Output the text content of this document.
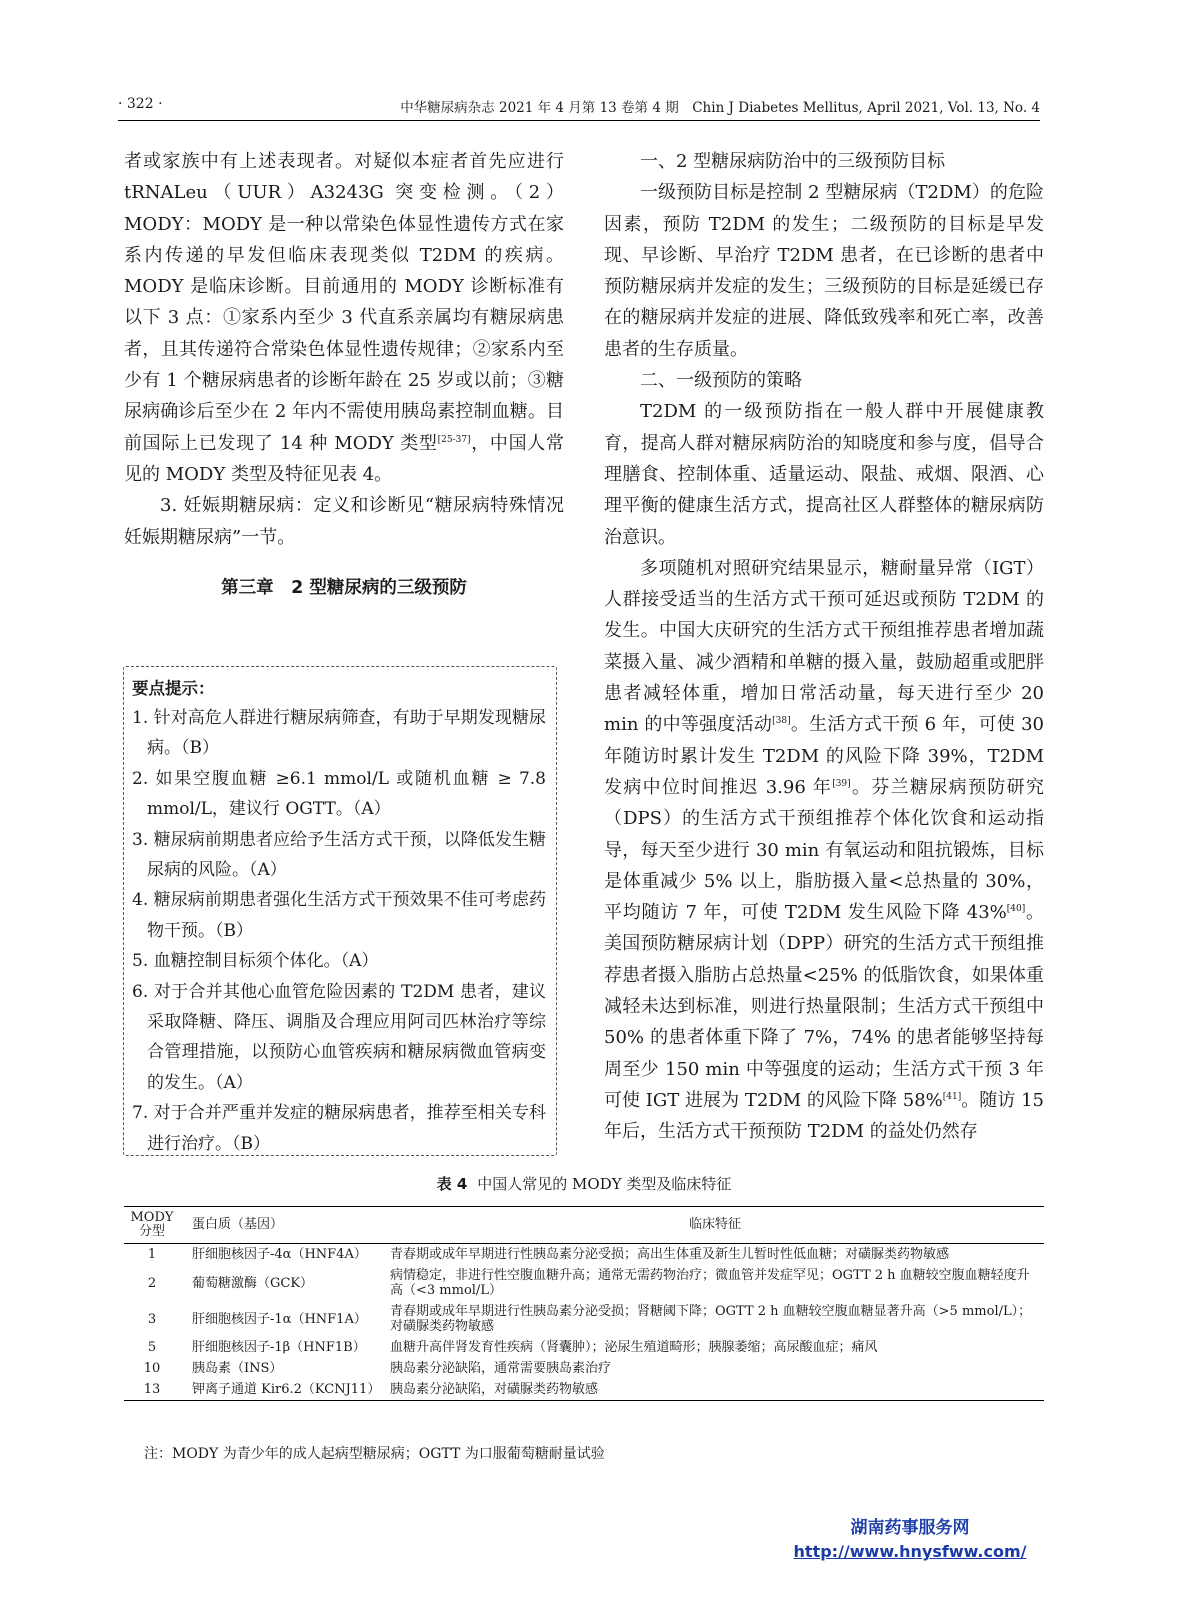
· 322 ·	中华糖尿病杂志 2021 年 4 月第 13 卷第 4 期　Chin J Diabetes Mellitus, April 2021, Vol. 13, No. 4

者或家族中有上述表现者。对疑似本症者首先应进行 tRNALeu（UUR）A3243G 突变检测。（2）MODY：MODY 是一种以常染色体显性遗传方式在家系内传递的早发但临床表现类似 T2DM 的疾病。MODY 是临床诊断。目前通用的 MODY 诊断标准有以下 3 点：①家系内至少 3 代直系亲属均有糖尿病患者，且其传递符合常染色体显性遗传规律；②家系内至少有 1 个糖尿病患者的诊断年龄在 25 岁或以前；③糖尿病确诊后至少在 2 年内不需使用胰岛素控制血糖。目前国际上已发现了 14 种 MODY 类型[25-37]，中国人常见的 MODY 类型及特征见表 4。

3. 妊娠期糖尿病：定义和诊断见“糖尿病特殊情况妊娠期糖尿病”一节。

第三章　2 型糖尿病的三级预防
要点提示：
1. 针对高危人群进行糖尿病筛查，有助于早期发现糖尿病。（B）
2. 如果空腹血糖 ≥6.1 mmol/L 或随机血糖 ≥ 7.8 mmol/L，建议行 OGTT。（A）
3. 糖尿病前期患者应给予生活方式干预，以降低发生糖尿病的风险。（A）
4. 糖尿病前期患者强化生活方式干预效果不佳可考虑药物干预。（B）
5. 血糖控制目标须个体化。（A）
6. 对于合并其他心血管危险因素的 T2DM 患者，建议采取降糖、降压、调脂及合理应用阿司匹林治疗等综合管理措施，以预防心血管疾病和糖尿病微血管病变的发生。（A）
7. 对于合并严重并发症的糖尿病患者，推荐至相关专科进行治疗。（B）
一、2 型糖尿病防治中的三级预防目标

一级预防目标是控制 2 型糖尿病（T2DM）的危险因素，预防 T2DM 的发生；二级预防的目标是早发现、早诊断、早治疗 T2DM 患者，在已诊断的患者中预防糖尿病并发症的发生；三级预防的目标是延缓已存在的糖尿病并发症的进展、降低致残率和死亡率，改善患者的生存质量。

二、一级预防的策略

T2DM 的一级预防指在一般人群中开展健康教育，提高人群对糖尿病防治的知晓度和参与度，倡导合理膳食、控制体重、适量运动、限盐、戒烟、限酒、心理平衡的健康生活方式，提高社区人群整体的糖尿病防治意识。

多项随机对照研究结果显示，糖耐量异常（IGT）人群接受适当的生活方式干预可延迟或预防 T2DM 的发生。中国大庆研究的生活方式干预组推荐患者增加蔬菜摄入量、减少酒精和单糖的摄入量，鼓励超重或肥胖患者减轻体重，增加日常活动量，每天进行至少 20 min 的中等强度活动[38]。生活方式干预 6 年，可使 30 年随访时累计发生 T2DM 的风险下降 39%，T2DM 发病中位时间推迟 3.96 年[39]。芬兰糖尿病预防研究（DPS）的生活方式干预组推荐个体化饮食和运动指导，每天至少进行 30 min 有氧运动和阻抗锻炼，目标是体重减少 5% 以上，脂肪摄入量<总热量的 30%，平均随访 7 年，可使 T2DM 发生风险下降 43%[40]。美国预防糖尿病计划（DPP）研究的生活方式干预组推荐患者摄入脂肪占总热量<25% 的低脂饮食，如果体重减轻未达到标准，则进行热量限制；生活方式干预组中 50% 的患者体重下降了 7%，74% 的患者能够坚持每周至少 150 min 中等强度的运动；生活方式干预 3 年可使 IGT 进展为 T2DM 的风险下降 58%[41]。随访 15 年后，生活方式干预预防 T2DM 的益处仍然存

表 4 中国人常见的 MODY 类型及临床特征
MODY 分型	蛋白质（基因）	临床特征
1	肝细胞核因子-4α（HNF4A）	青春期或成年早期进行性胰岛素分泌受损；高出生体重及新生儿暂时性低血糖；对磺脲类药物敏感
2	葡萄糖激酶（GCK）	病情稳定，非进行性空腹血糖升高；通常无需药物治疗；微血管并发症罕见；OGTT 2 h 血糖较空腹血糖轻度升高（<3 mmol/L）
3	肝细胞核因子-1α（HNF1A）	青春期或成年早期进行性胰岛素分泌受损；肾糖阈下降；OGTT 2 h 血糖较空腹血糖显著升高（>5 mmol/L）；对磺脲类药物敏感
5	肝细胞核因子-1β（HNF1B）	血糖升高伴肾发育性疾病（肾囊肿）；泌尿生殖道畸形；胰腺萎缩；高尿酸血症；痛风
10	胰岛素（INS）	胰岛素分泌缺陷，通常需要胰岛素治疗
13	钾离子通道 Kir6.2（KCNJ11）	胰岛素分泌缺陷，对磺脲类药物敏感
注：MODY 为青少年的成人起病型糖尿病；OGTT 为口服葡萄糖耐量试验
湖南药事服务网
http://www.hnysfww.com/
